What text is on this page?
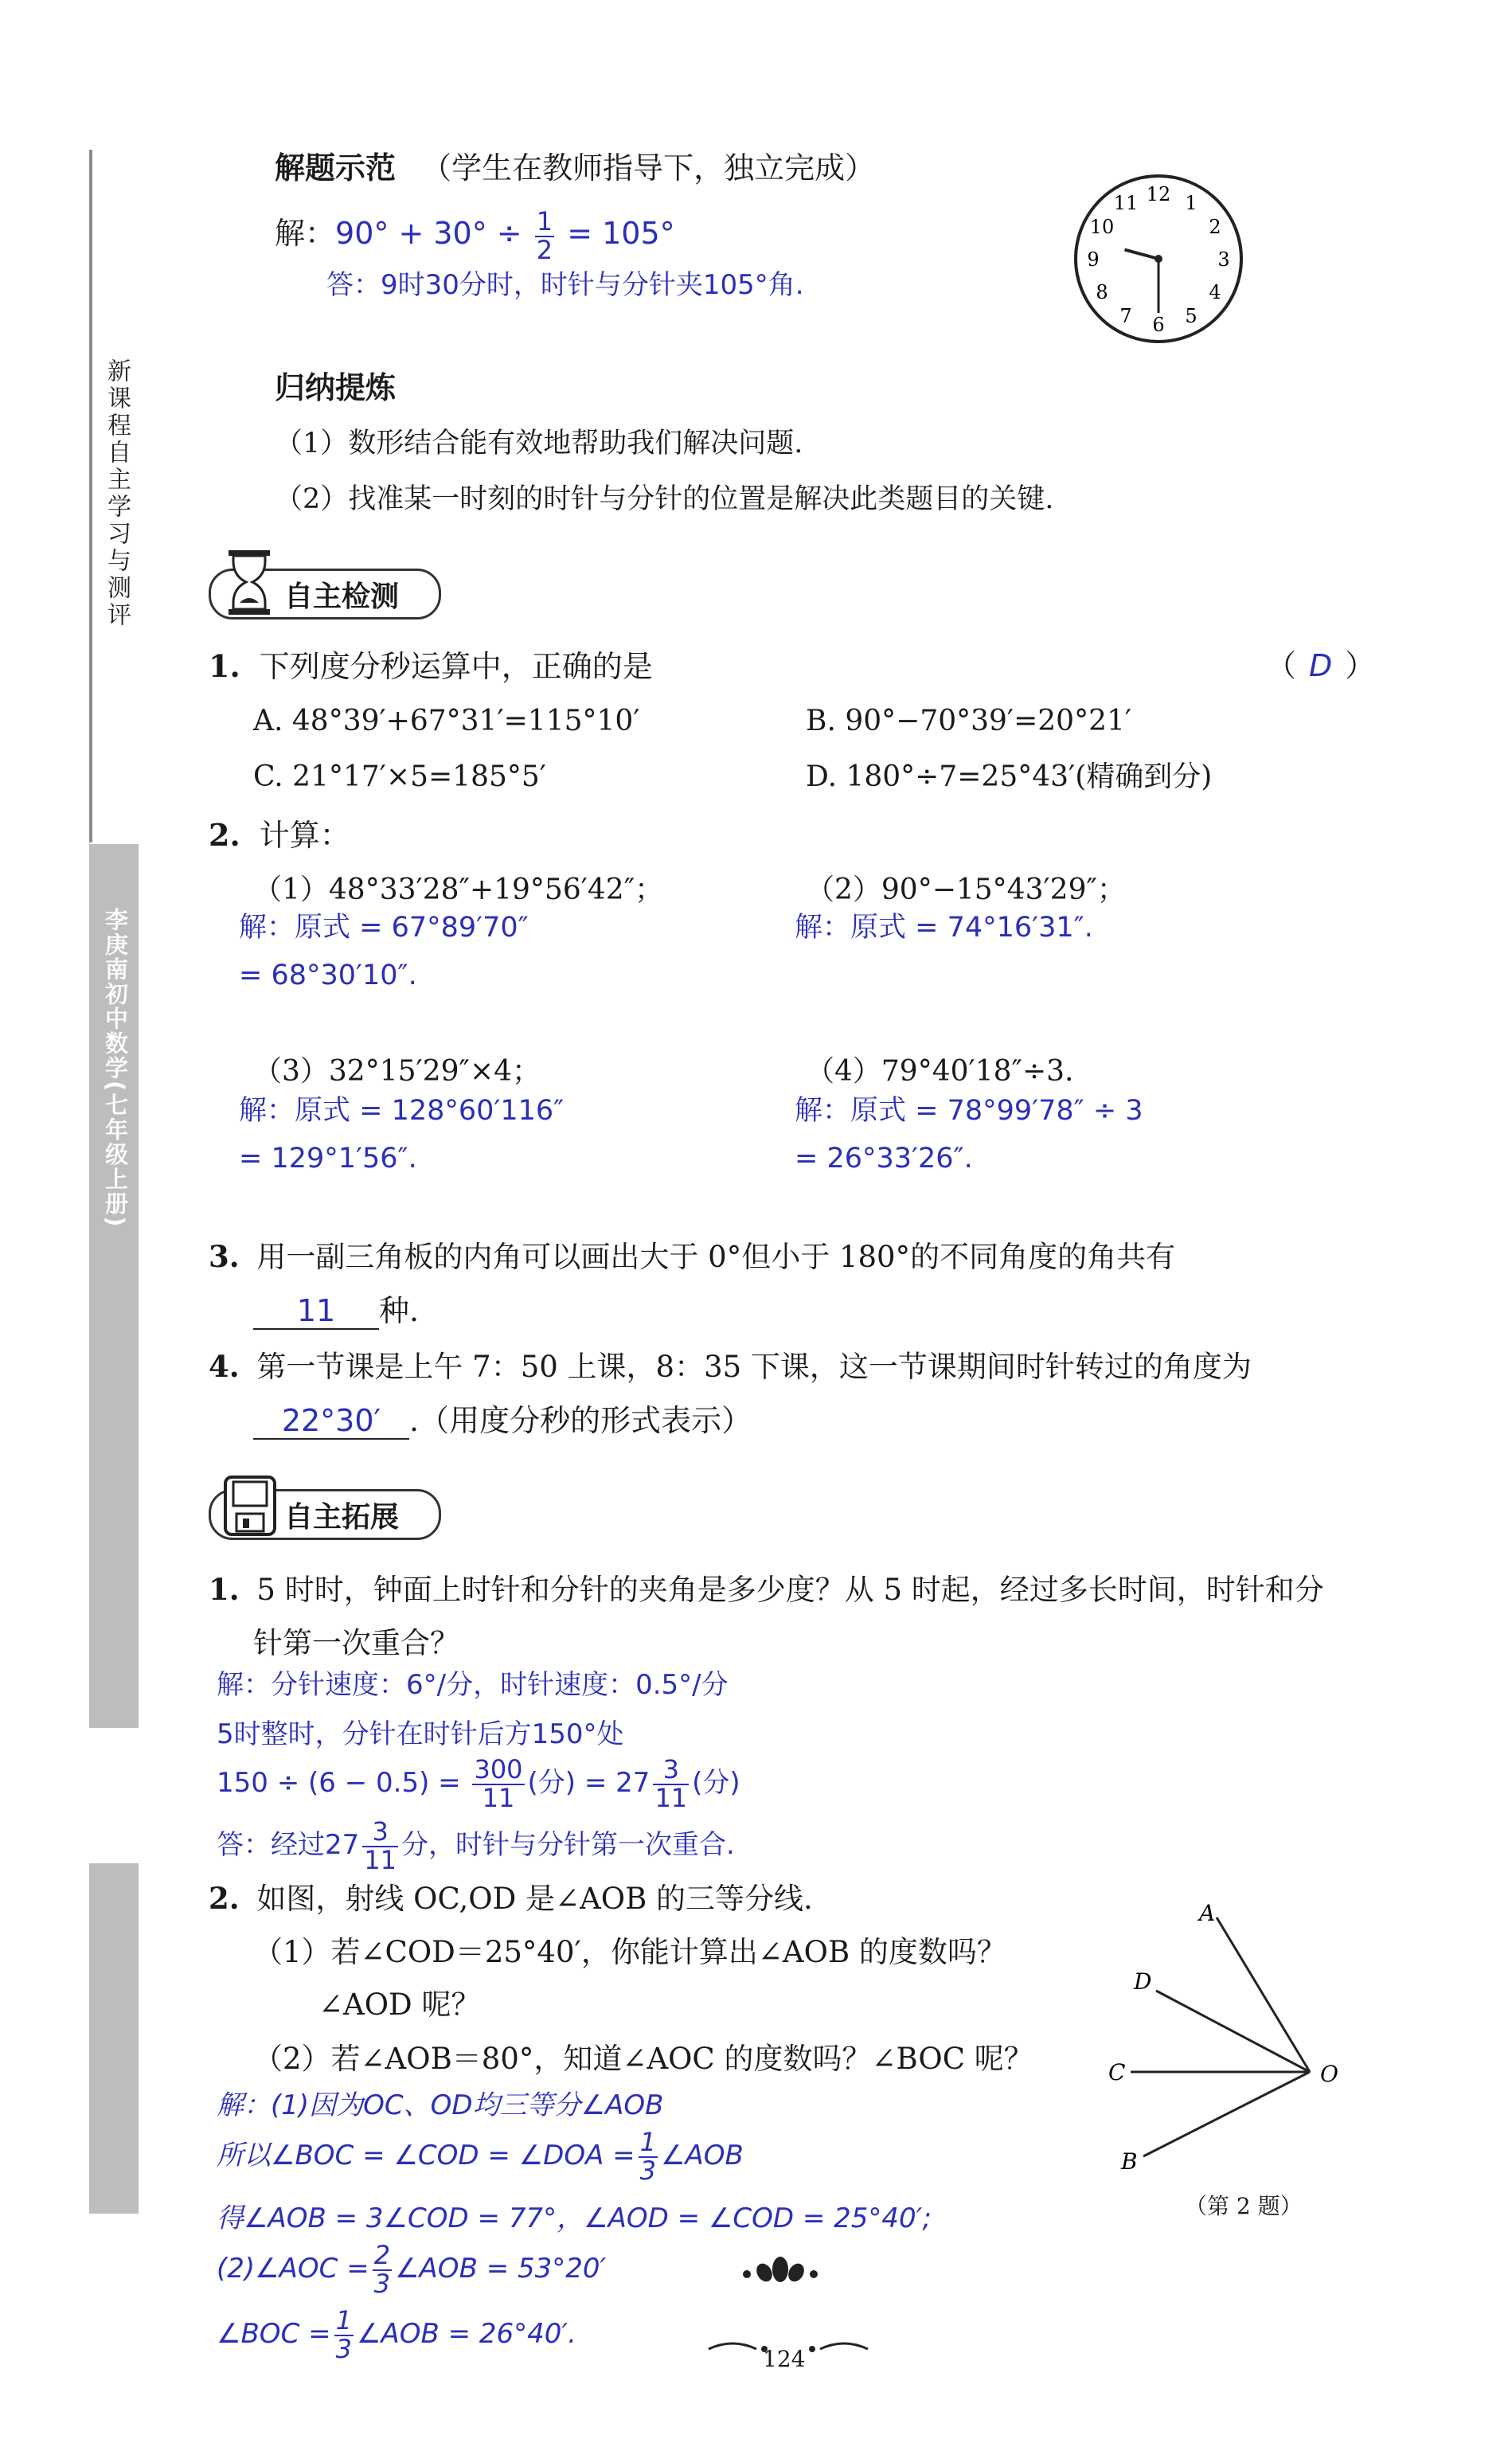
新课程自主学习与测评
李庚南初中数学(七年级上册)
解题示范 （学生在教师指导下，独立完成）
解：$90^\circ + 30^\circ \div \frac{1}{2} = 105^\circ$
答：9时30分时，时针与分针夹105°角.
12 1
2
3
4
5
6
7
8
9
10
11
归纳提炼
（1）数形结合能有效地帮助我们解决问题.
（2）找准某一时刻的时针与分针的位置是解决此类题目的关键.
自主检测
1. 下列度分秒运算中，正确的是	（ D ）
A. 48°39′+67°31′=115°10′	B. 90°−70°39′=20°21′
C. 21°17′×5=185°5′	D. 180°÷7=25°43′(精确到分)
2. 计算：
（1）48°33′28″+19°56′42″；
解：原式 = 67°89′70″
= 68°30′10″.
（2）90°−15°43′29″；
解：原式 = 74°16′31″.
（3）32°15′29″×4；
解：原式 = 128°60′116″
= 129°1′56″.
（4）79°40′18″÷3.
解：原式 = 78°99′78″ ÷ 3
= 26°33′26″.
3. 用一副三角板的内角可以画出大于 0°但小于 180°的不同角度的角共有
11 种.
4. 第一节课是上午 7：50 上课，8：35 下课，这一节课期间时针转过的角度为
22°30′ .（用度分秒的形式表示）
自主拓展
1. 5 时时，钟面上时针和分针的夹角是多少度？从 5 时起，经过多长时间，时针和分
针第一次重合？
解：分针速度：6°/分，时针速度：0.5°/分
5时整时，分针在时针后方150°处
$150 \div (6 - 0.5) = \frac{300}{11}$ (分) = $27 \frac{3}{11}$ (分)
答：经过$27 \frac{3}{11}$ 分，时针与分针第一次重合.
2. 如图，射线 OC,OD 是∠AOB 的三等分线.
（1）若∠COD＝25°40′，你能计算出∠AOB 的度数吗？
∠AOD 呢？
（2）若∠AOB＝80°，知道∠AOC 的度数吗？∠BOC 呢？
解：(1)因为OC、OD均三等分∠AOB
所以∠BOC = ∠COD = ∠DOA = $\frac{1}{3}$ ∠AOB
得∠AOB = 3∠COD = 77°，∠AOD = ∠COD = 25°40′;
(2)∠AOC = $\frac{2}{3}$ ∠AOB = 53°20′
∠BOC = $\frac{1}{3}$ ∠AOB = 26°40′.
A
D
C	O
B
（第 2 题）
124
